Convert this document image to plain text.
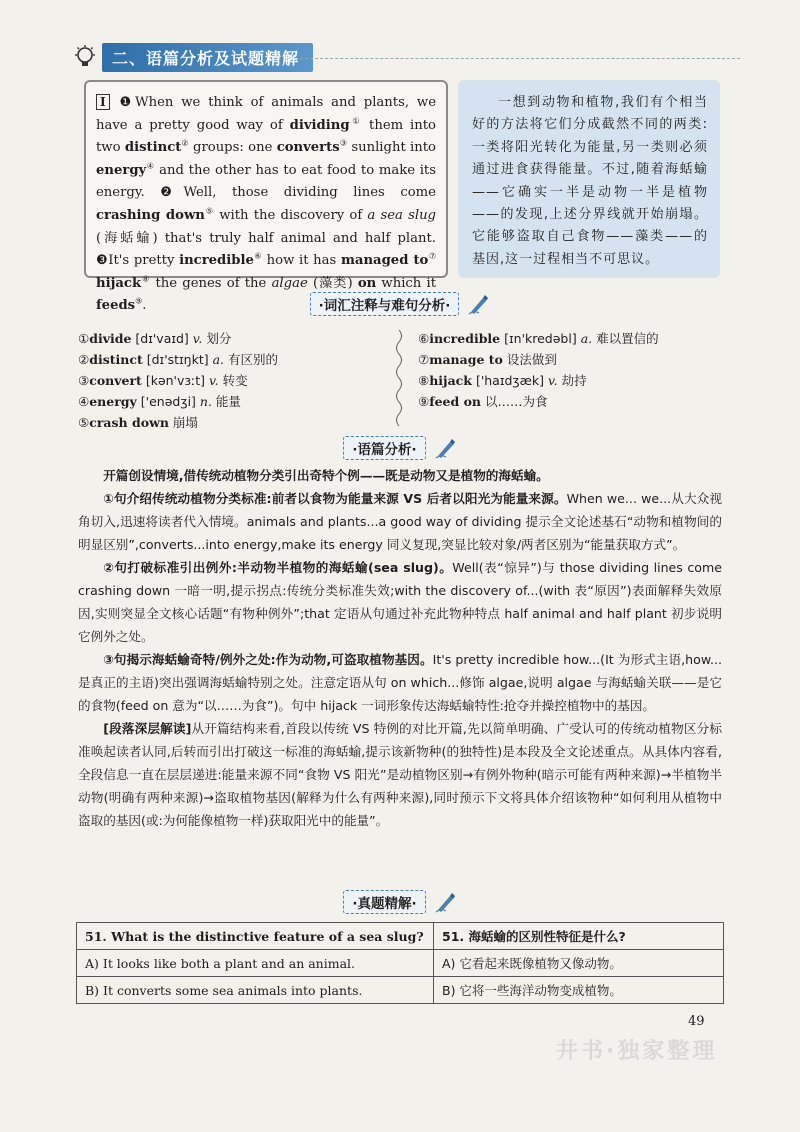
二、语篇分析及试题精解

I ❶When we think of animals and plants, we have a pretty good way of dividing① them into two distinct② groups: one converts③ sunlight into energy④ and the other has to eat food to make its energy. ❷Well, those dividing lines come crashing down⑤ with the discovery of a sea slug (海蛞蝓) that's truly half animal and half plant. ❸It's pretty incredible⑥ how it has managed to⑦ hijack⑧ the genes of the algae (藻类) on which it feeds⑨.

一想到动物和植物,我们有个相当好的方法将它们分成截然不同的两类:一类将阳光转化为能量,另一类则必须通过进食获得能量。不过,随着海蛞蝓——它确实一半是动物一半是植物——的发现,上述分界线就开始崩塌。它能够盗取自己食物——藻类——的基因,这一过程相当不可思议。

·词汇注释与难句分析·
①divide [dɪ'vaɪd] v. 划分
②distinct [dɪ'stɪŋkt] a. 有区别的
③convert [kən'vɜːt] v. 转变
④energy ['enədʒi] n. 能量
⑤crash down 崩塌
⑥incredible [ɪn'kredəbl] a. 难以置信的
⑦manage to 设法做到
⑧hijack ['haɪdʒæk] v. 劫持
⑨feed on 以……为食
·语篇分析·

开篇创设情境,借传统动植物分类引出奇特个例——既是动物又是植物的海蛞蝓。

①句介绍传统动植物分类标准:前者以食物为能量来源 VS 后者以阳光为能量来源。When we... we...从大众视角切入,迅速将读者代入情境。animals and plants...a good way of dividing 提示全文论述基石“动物和植物间的明显区别”,converts...into energy,make its energy 同义复现,突显比较对象/两者区别为“能量获取方式”。

②句打破标准引出例外:半动物半植物的海蛞蝓(sea slug)。Well(表“惊异”)与 those dividing lines come crashing down 一暗一明,提示拐点:传统分类标准失效;with the discovery of...(with 表“原因”)表面解释失效原因,实则突显全文核心话题“有物种例外”;that 定语从句通过补充此物种特点 half animal and half plant 初步说明它例外之处。

③句揭示海蛞蝓奇特/例外之处:作为动物,可盗取植物基因。It's pretty incredible how...(It 为形式主语,how...是真正的主语)突出强调海蛞蝓特别之处。注意定语从句 on which...修饰 algae,说明 algae 与海蛞蝓关联——是它的食物(feed on 意为“以……为食”)。句中 hijack 一词形象传达海蛞蝓特性:抢夺并操控植物中的基因。

[段落深层解读]从开篇结构来看,首段以传统 VS 特例的对比开篇,先以简单明确、广受认可的传统动植物区分标准唤起读者认同,后转而引出打破这一标准的海蛞蝓,提示该新物种(的独特性)是本段及全文论述重点。从具体内容看,全段信息一直在层层递进:能量来源不同“食物 VS 阳光”是动植物区别→有例外物种(暗示可能有两种来源)→半植物半动物(明确有两种来源)→盗取植物基因(解释为什么有两种来源),同时预示下文将具体介绍该物种“如何利用从植物中盗取的基因(或:为何能像植物一样)获取阳光中的能量”。

·真题精解·
51. What is the distinctive feature of a sea slug?	51. 海蛞蝓的区别性特征是什么?
A) It looks like both a plant and an animal.	A) 它看起来既像植物又像动物。
B) It converts some sea animals into plants.	B) 它将一些海洋动物变成植物。
49
井书·独家整理
